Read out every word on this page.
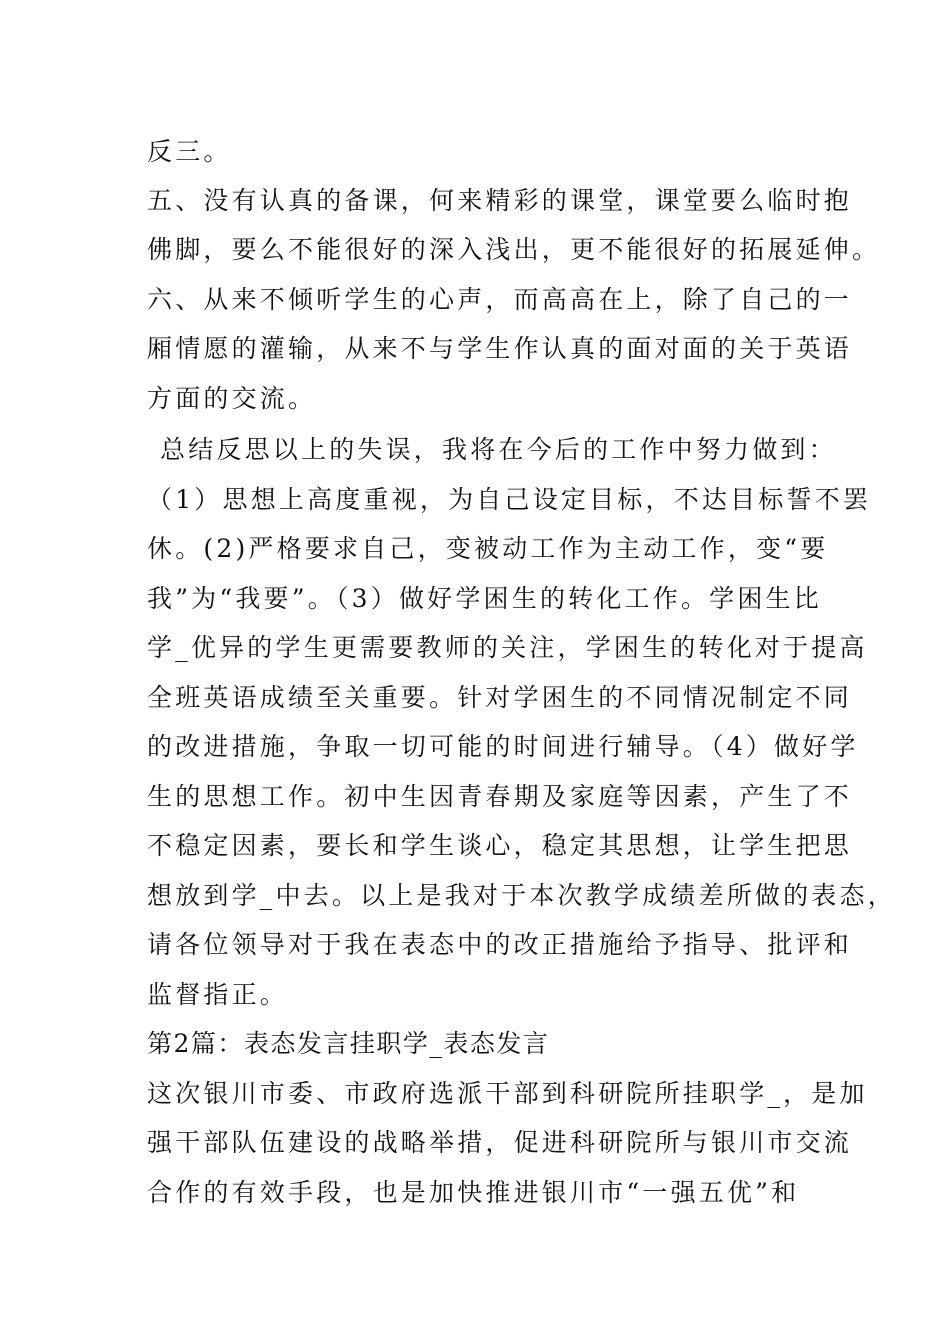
反三。
五、没有认真的备课，何来精彩的课堂，课堂要么临时抱
佛脚，要么不能很好的深入浅出，更不能很好的拓展延伸。
六、从来不倾听学生的心声，而高高在上，除了自己的一
厢情愿的灌输，从来不与学生作认真的面对面的关于英语
方面的交流。
总结反思以上的失误，我将在今后的工作中努力做到：
（1）思想上高度重视，为自己设定目标，不达目标誓不罢
休。(2)严格要求自己，变被动工作为主动工作，变“要
我”为“我要”。（3）做好学困生的转化工作。学困生比
学_优异的学生更需要教师的关注，学困生的转化对于提高
全班英语成绩至关重要。针对学困生的不同情况制定不同
的改进措施，争取一切可能的时间进行辅导。（4）做好学
生的思想工作。初中生因青春期及家庭等因素，产生了不
不稳定因素，要长和学生谈心，稳定其思想，让学生把思
想放到学_中去。以上是我对于本次教学成绩差所做的表态，
请各位领导对于我在表态中的改正措施给予指导、批评和
监督指正。
第2篇：表态发言挂职学_表态发言
这次银川市委、市政府选派干部到科研院所挂职学_，是加
强干部队伍建设的战略举措，促进科研院所与银川市交流
合作的有效手段，也是加快推进银川市“一强五优”和
